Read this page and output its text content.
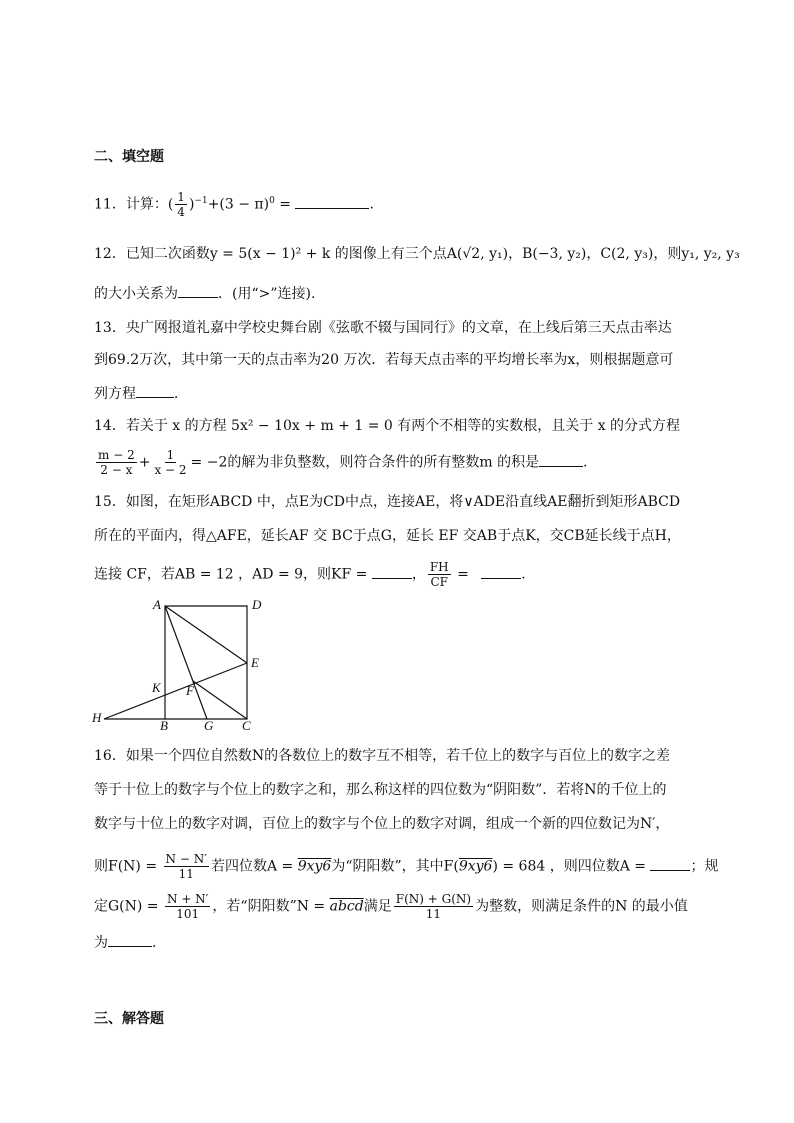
二、填空题
11．计算：( $\frac{1}{4} )^{-1}+(3 - \pi)^0$ =	.
12．已知二次函数y = 5(x − 1)² + k 的图像上有三个点A(√2, y₁)，B(−3, y₂)，C(2, y₃)，则y₁, y₂, y₃
的大小关系为	．(用“>”连接).
13．央广网报道礼嘉中学校史舞台剧《弦歌不辍与国同行》的文章，在上线后第三天点击率达
到69.2万次，其中第一天的点击率为20 万次．若每天点击率的平均增长率为x，则根据题意可
列方程	．
14．若关于 x 的方程 5x² − 10x + m + 1 = 0 有两个不相等的实数根，且关于 x 的分式方程
$\frac{m - 2}{2 - x} + \frac{1}{x - 2} = -2$的解为非负整数，则符合条件的所有整数m 的积是	．
15．如图，在矩形ABCD 中，点E为CD中点，连接AE，将∨ADE沿直线AE翻折到矩形ABCD
所在的平面内，得△AFE，延长AF 交 BC于点G，延长 EF 交AB于点K，交CB延长线于点H，
连接 CF，若AB = 12 ，AD = 9，则KF =	， $\frac{FH}{CF}$ =	．
A	D
E
K F
H
B	G C
16．如果一个四位自然数N的各数位上的数字互不相等，若千位上的数字与百位上的数字之差
等于十位上的数字与个位上的数字之和，那么称这样的四位数为“阴阳数”．若将N的千位上的
数字与十位上的数字对调，百位上的数字与个位上的数字对调，组成一个新的四位数记为N′，
则$F(N) = \frac{N - N'}{11}$ 若四位数A = 9xy6为“阴阳数”，其中F(9xy6) = 684 ，则四位数A =	；规
定$G(N) = \frac{N + N'}{101}$ ，若“阴阳数”N = abcd满足 $\frac{F(N) + G(N)}{11}$ 为整数，则满足条件的N 的最小值
为	．
三、解答题
